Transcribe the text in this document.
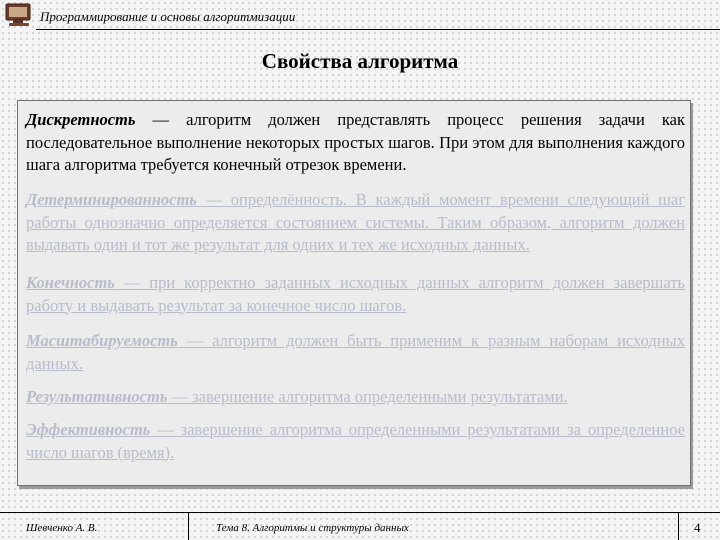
Программирование и основы алгоритмизации
Свойства алгоритма

Дискретность — алгоритм должен представлять процесс решения задачи как последовательное выполнение некоторых простых шагов. При этом для выполнения каждого шага алгоритма требуется конечный отрезок времени.

Детерминированность — определённость. В каждый момент времени следующий шаг работы однозначно определяется состоянием системы. Таким образом, алгоритм должен выдавать один и тот же результат для одних и тех же исходных данных.

Конечность — при корректно заданных исходных данных алгоритм должен завершать работу и выдавать результат за конечное число шагов.

Масштабируемость — алгоритм должен быть применим к разным наборам исходных данных.

Результативность — завершение алгоритма определенными результатами.

Эффективность — завершение алгоритма определенными результатами за определенное число шагов (время).

Шевченко А. В.	Тема 8. Алгоритмы и структуры данных	4
